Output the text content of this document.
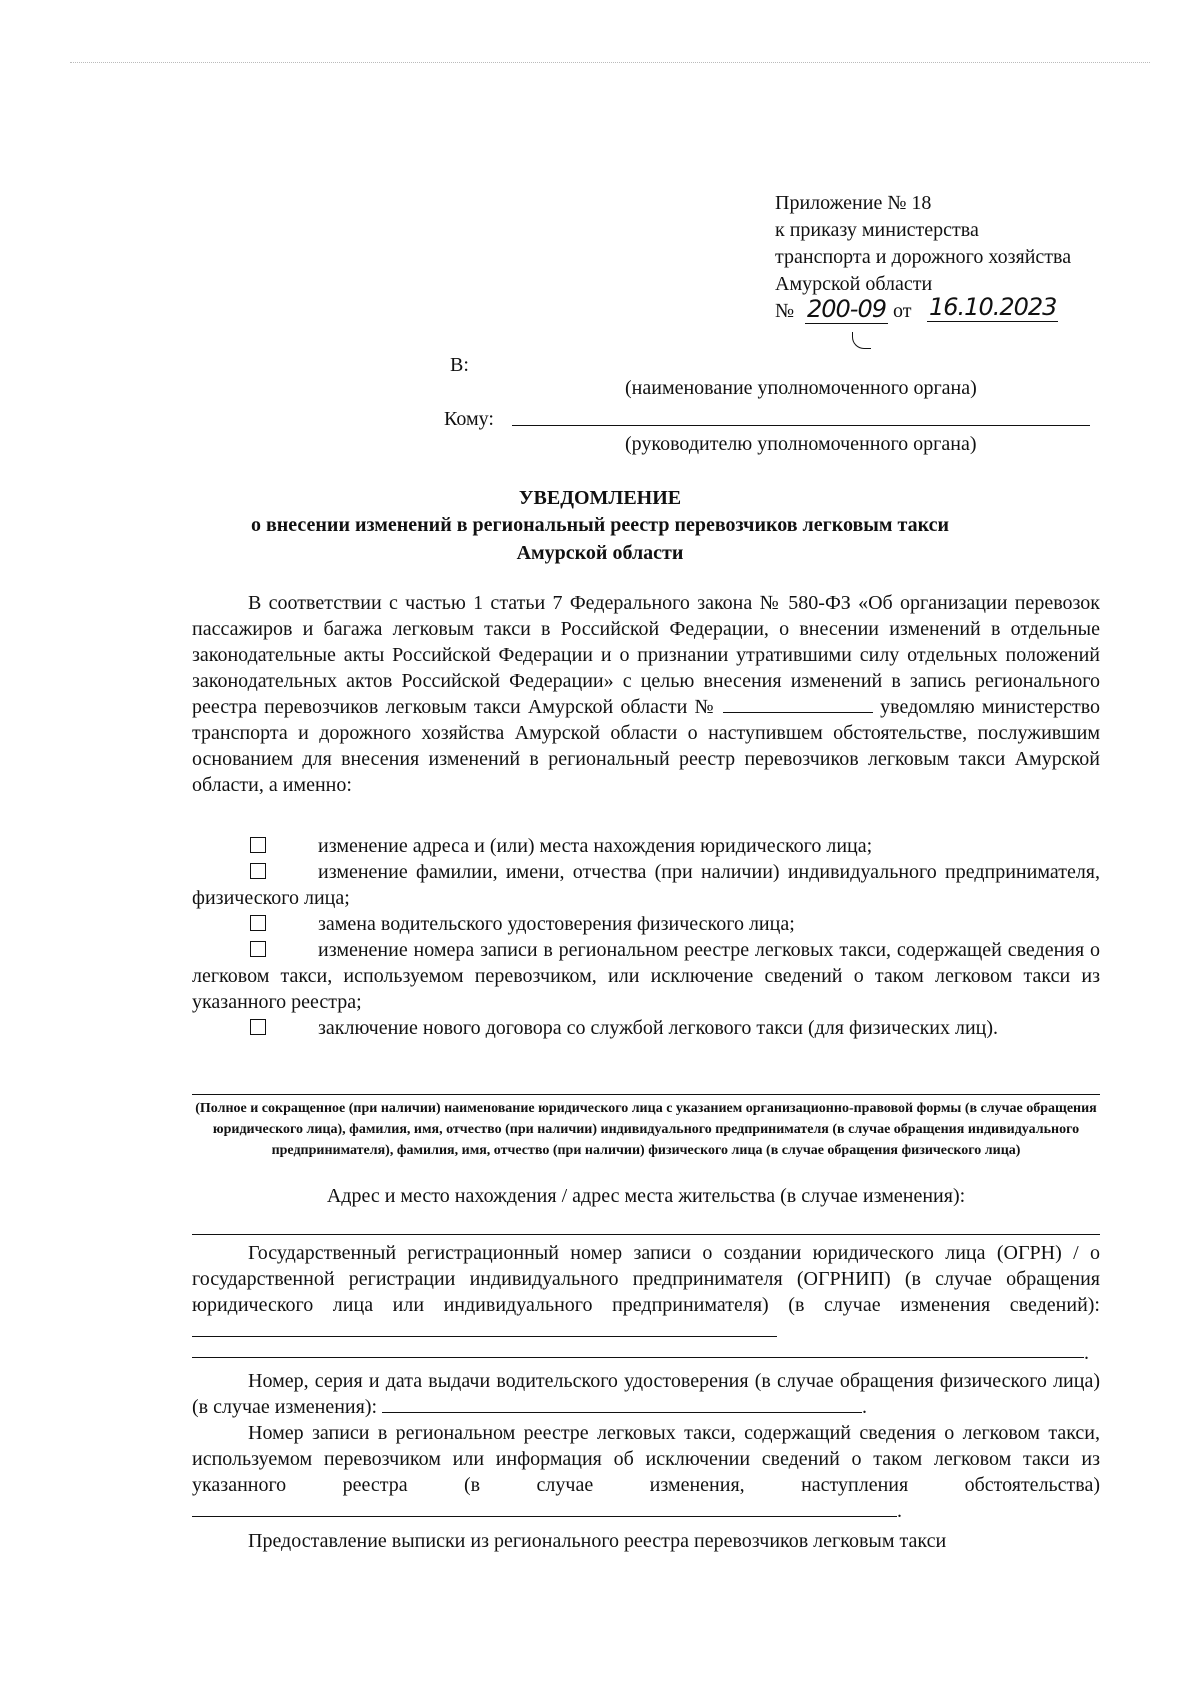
Приложение № 18
к приказу министерства
транспорта и дорожного хозяйства
Амурской области
№ 200-09 от 16.10.2023
В:
(наименование уполномоченного органа)
Кому:
(руководителю уполномоченного органа)
УВЕДОМЛЕНИЕ
о внесении изменений в региональный реестр перевозчиков легковым такси
Амурской области
В соответствии с частью 1 статьи 7 Федерального закона № 580-ФЗ «Об организации перевозок пассажиров и багажа легковым такси в Российской Федерации, о внесении изменений в отдельные законодательные акты Российской Федерации и о признании утратившими силу отдельных положений законодательных актов Российской Федерации» с целью внесения изменений в запись регионального реестра перевозчиков легковым такси Амурской области №	уведомляю министерство транспорта и дорожного хозяйства Амурской области о наступившем обстоятельстве, послужившим основанием для внесения изменений в региональный реестр перевозчиков легковым такси Амурской области, а именно:
изменение адреса и (или) места нахождения юридического лица;
изменение фамилии, имени, отчества (при наличии) индивидуального предпринимателя, физического лица;
замена водительского удостоверения физического лица;
изменение номера записи в региональном реестре легковых такси, содержащей сведения о легковом такси, используемом перевозчиком, или исключение сведений о таком легковом такси из указанного реестра;
заключение нового договора со службой легкового такси (для физических лиц).
(Полное и сокращенное (при наличии) наименование юридического лица с указанием организационно-правовой формы (в случае обращения юридического лица), фамилия, имя, отчество (при наличии) индивидуального предпринимателя (в случае обращения индивидуального предпринимателя), фамилия, имя, отчество (при наличии) физического лица (в случае обращения физического лица)
Адрес и место нахождения / адрес места жительства (в случае изменения):
Государственный регистрационный номер записи о создании юридического лица (ОГРН) / о государственной регистрации индивидуального предпринимателя (ОГРНИП) (в случае обращения юридического лица или индивидуального предпринимателя) (в случае изменения сведений):
.
Номер, серия и дата выдачи водительского удостоверения (в случае обращения физического лица) (в случае изменения):	.
Номер записи в региональном реестре легковых такси, содержащий сведения о легковом такси, используемом перевозчиком или информация об исключении сведений о таком легковом такси из указанного реестра (в случае изменения, наступления обстоятельства) .
Предоставление выписки из регионального реестра перевозчиков легковым такси
